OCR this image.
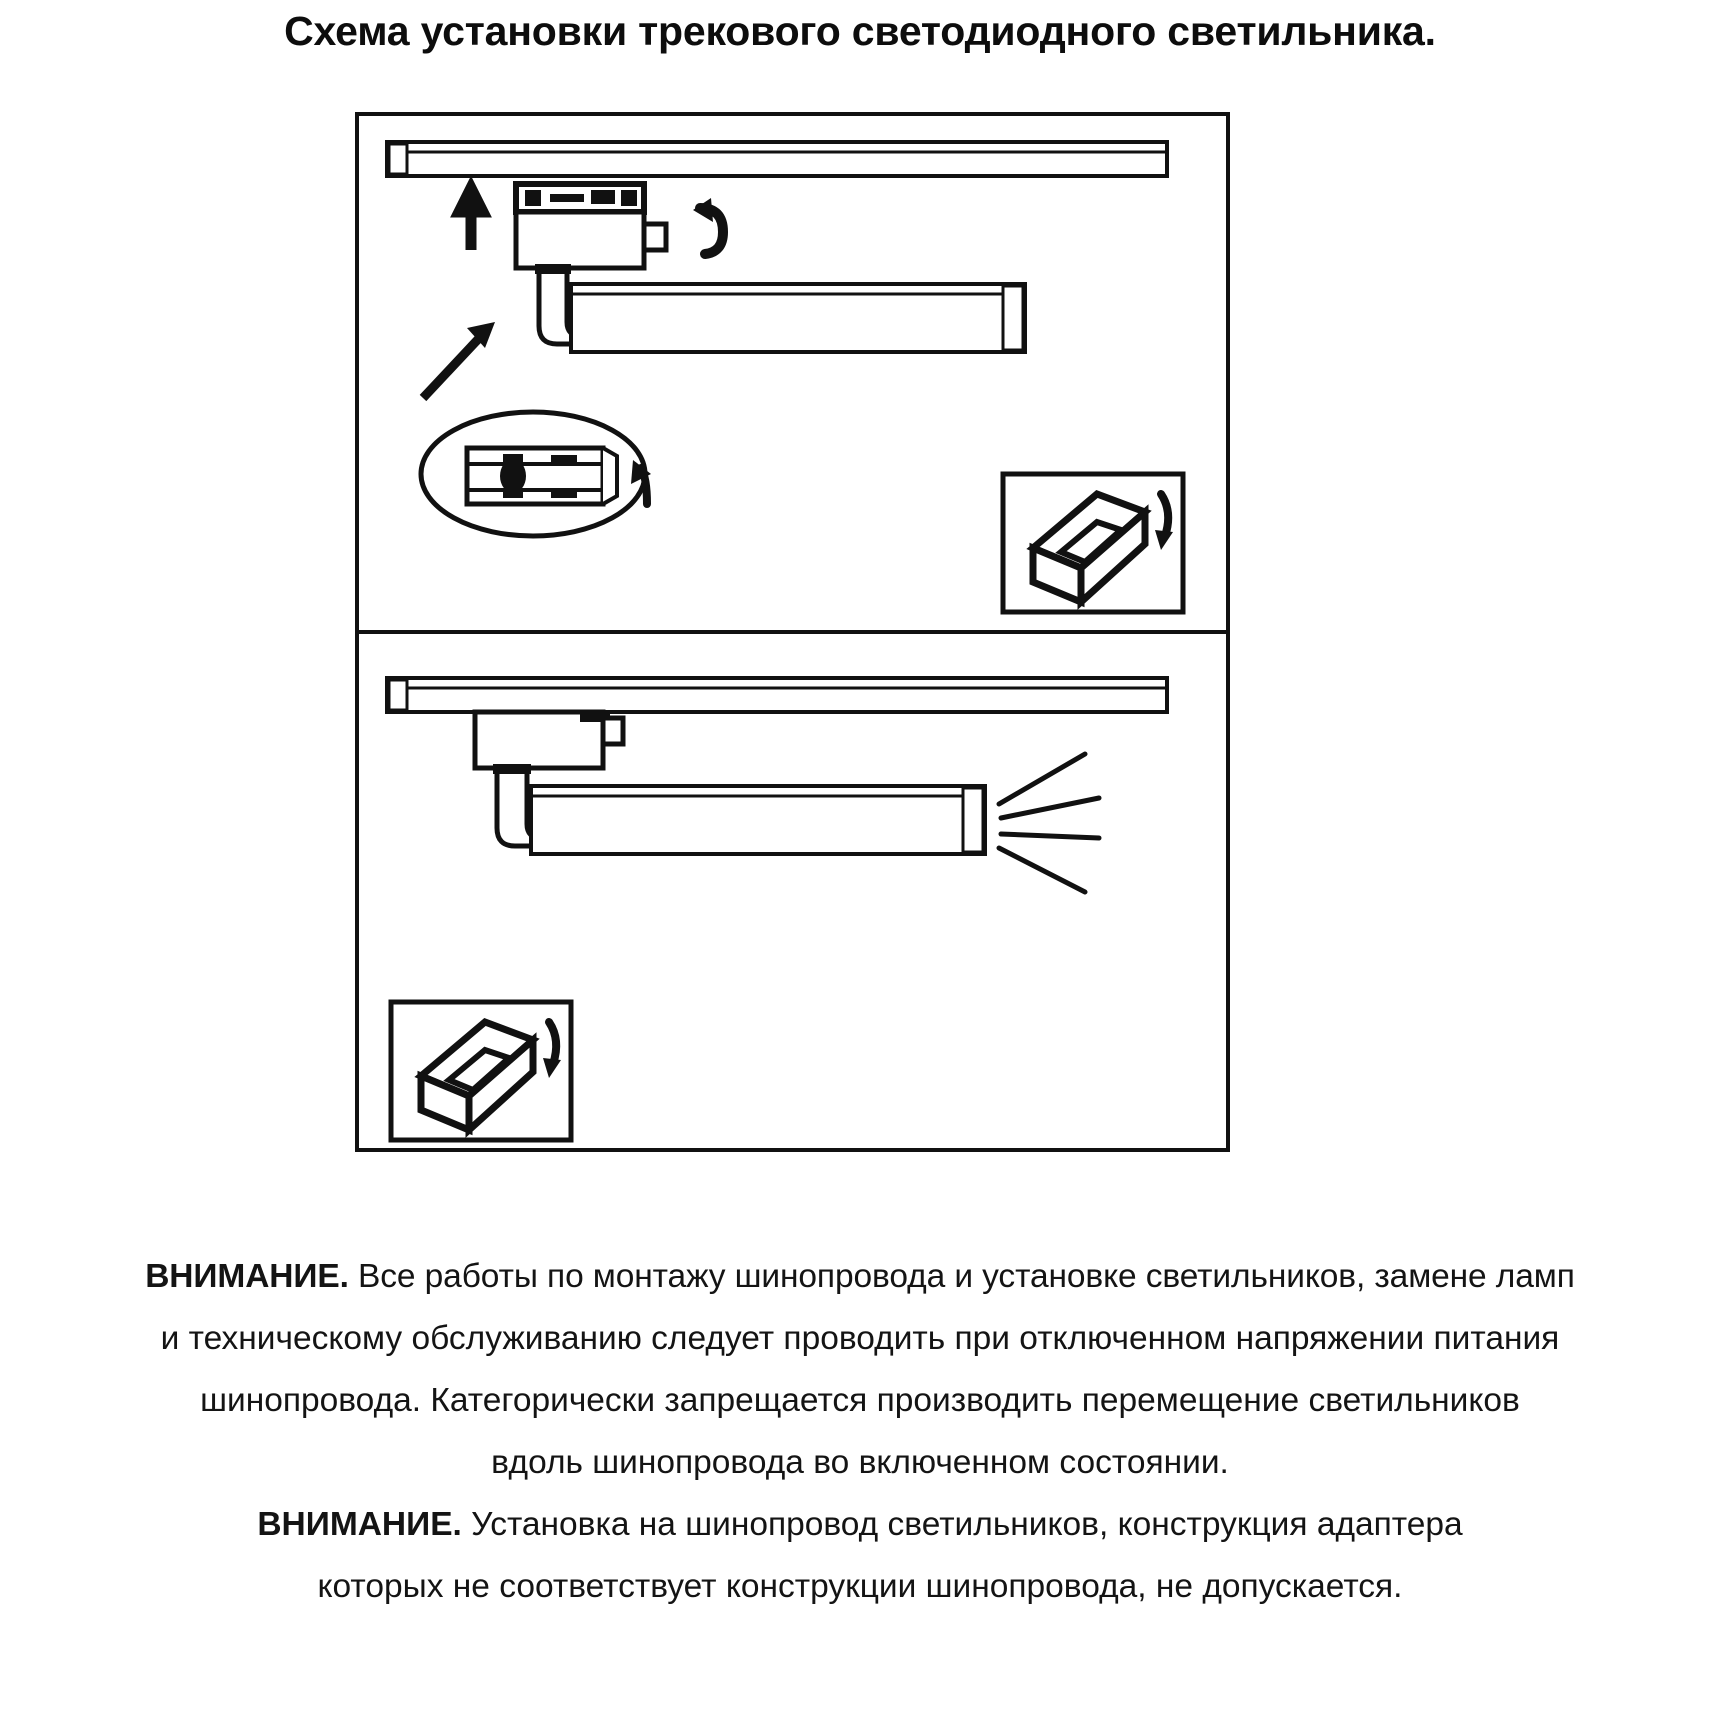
Схема установки трекового светодиодного светильника.
ВНИМАНИЕ. Все работы по монтажу шинопровода и установке светильников, замене ламп
и техническому обслуживанию следует проводить при отключенном напряжении питания
шинопровода. Категорически запрещается производить перемещение светильников
вдоль шинопровода во включенном состоянии.
ВНИМАНИЕ. Установка на шинопровод светильников, конструкция адаптера
которых не соответствует конструкции шинопровода, не допускается.
